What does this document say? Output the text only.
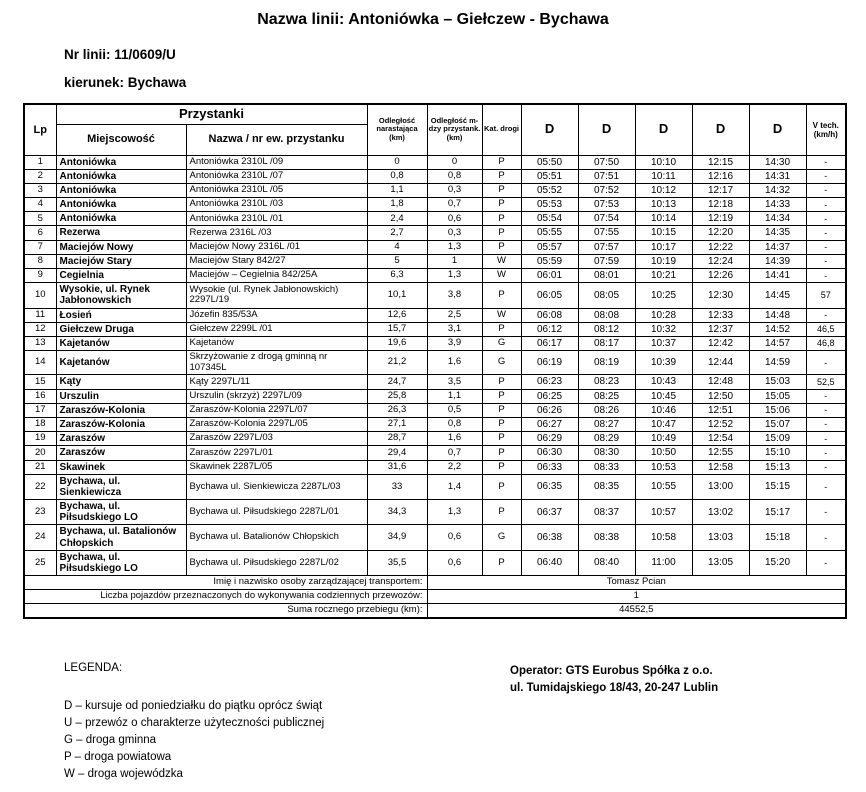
Nazwa linii: Antoniówka – Giełczew - Bychawa
Nr linii: 11/0609/U
kierunek: Bychawa
Lp	Przystanki		Odległość narastająca (km)	Odległość m-dzy przystank. (km)	Kat. drogi	D	D	D	D	D	V tech. (km/h)
	Miejscowość	Nazwa / nr ew. przystanku									
1	Antoniówka	Antoniówka 2310L /09	0	0	P	05:50	07:50	10:10	12:15	14:30	-
2	Antoniówka	Antoniówka 2310L /07	0,8	0,8	P	05:51	07:51	10:11	12:16	14:31	-
3	Antoniówka	Antoniówka 2310L /05	1,1	0,3	P	05:52	07:52	10:12	12:17	14:32	-
4	Antoniówka	Antoniówka 2310L /03	1,8	0,7	P	05:53	07:53	10:13	12:18	14:33	-
5	Antoniówka	Antoniówka 2310L /01	2,4	0,6	P	05:54	07:54	10:14	12:19	14:34	-
6	Rezerwa	Rezerwa 2316L /03	2,7	0,3	P	05:55	07:55	10:15	12:20	14:35	-
7	Maciejów Nowy	Maciejów Nowy 2316L /01	4	1,3	P	05:57	07:57	10:17	12:22	14:37	-
8	Maciejów Stary	Maciejów Stary 842/27	5	1	W	05:59	07:59	10:19	12:24	14:39	-
9	Cegielnia	Maciejów – Cegielnia 842/25A	6,3	1,3	W	06:01	08:01	10:21	12:26	14:41	-
10	Wysokie, ul. Rynek Jabłonowskich	Wysokie (ul. Rynek Jabłonowskich) 2297L/19	10,1	3,8	P	06:05	08:05	10:25	12:30	14:45	57
11	Łosień	Józefin 835/53A	12,6	2,5	W	06:08	08:08	10:28	12:33	14:48	-
12	Giełczew Druga	Giełczew 2299L /01	15,7	3,1	P	06:12	08:12	10:32	12:37	14:52	46,5
13	Kajetanów	Kajetanów	19,6	3,9	G	06:17	08:17	10:37	12:42	14:57	46,8
14	Kajetanów	Skrzyżowanie z drogą gminną nr 107345L	21,2	1,6	G	06:19	08:19	10:39	12:44	14:59	-
15	Kąty	Kąty 2297L/11	24,7	3,5	P	06:23	08:23	10:43	12:48	15:03	52,5
16	Urszulin	Urszulin (skrzyż) 2297L/09	25,8	1,1	P	06:25	08:25	10:45	12:50	15:05	-
17	Zaraszów-Kolonia	Zaraszów-Kolonia 2297L/07	26,3	0,5	P	06:26	08:26	10:46	12:51	15:06	-
18	Zaraszów-Kolonia	Zaraszów-Kolonia 2297L/05	27,1	0,8	P	06:27	08:27	10:47	12:52	15:07	-
19	Zaraszów	Zaraszów 2297L/03	28,7	1,6	P	06:29	08:29	10:49	12:54	15:09	-
20	Zaraszów	Zaraszów 2297L/01	29,4	0,7	P	06:30	08:30	10:50	12:55	15:10	-
21	Skawinek	Skawinek 2287L/05	31,6	2,2	P	06:33	08:33	10:53	12:58	15:13	-
22	Bychawa, ul. Sienkiewicza	Bychawa ul. Sienkiewicza 2287L/03	33	1,4	P	06:35	08:35	10:55	13:00	15:15	-
23	Bychawa, ul. Piłsudskiego LO	Bychawa ul. Piłsudskiego 2287L/01	34,3	1,3	P	06:37	08:37	10:57	13:02	15:17	-
24	Bychawa, ul. Batalionów Chłopskich	Bychawa ul. Batalionów Chłopskich	34,9	0,6	G	06:38	08:38	10:58	13:03	15:18	-
25	Bychawa, ul. Piłsudskiego LO	Bychawa ul. Piłsudskiego 2287L/02	35,5	0,6	P	06:40	08:40	11:00	13:05	15:20	-
Imię i nazwisko osoby zarządzającej transportem:				Tomasz Pcian							
Liczba pojazdów przeznaczonych do wykonywania codziennych przewozów:				1							
Suma rocznego przebiegu (km):				44552,5							
LEGENDA:
D – kursuje od poniedziałku do piątku oprócz świąt
U – przewóz o charakterze użyteczności publicznej
G – droga gminna
P – droga powiatowa
W – droga wojewódzka
Operator: GTS Eurobus Spółka z o.o.
ul. Tumidajskiego 18/43, 20-247 Lublin
